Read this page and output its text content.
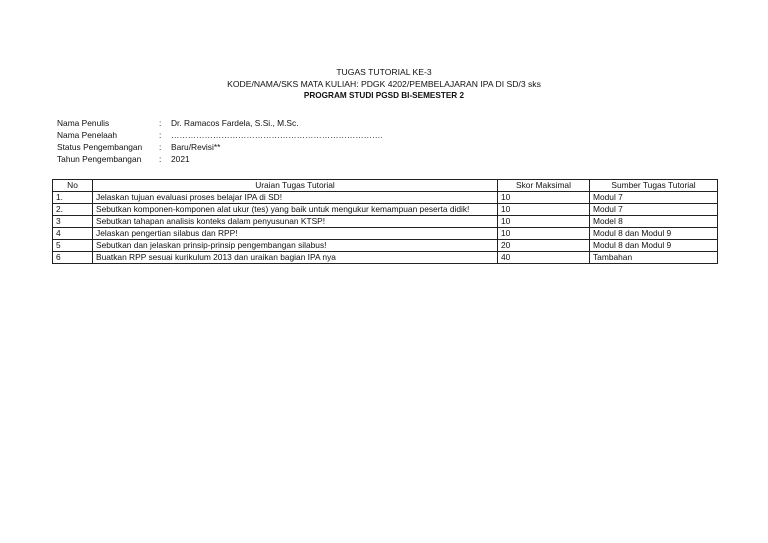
TUGAS TUTORIAL KE-3
KODE/NAMA/SKS MATA KULIAH: PDGK 4202/PEMBELAJARAN IPA DI SD/3 sks
PROGRAM STUDI PGSD BI-SEMESTER 2
Nama Penulis	:	Dr. Ramacos Fardela, S.Si., M.Sc.
Nama Penelaah	:	………………………………………………………………….
Status Pengembangan	:	Baru/Revisi**
Tahun Pengembangan	:	2021
No	Uraian Tugas Tutorial	Skor Maksimal	Sumber Tugas Tutorial
1.	Jelaskan tujuan evaluasi proses belajar IPA di SD!	10	Modul 7
2.	Sebutkan komponen-komponen alat ukur (tes) yang baik untuk mengukur kemampuan peserta didik!	10	Modul 7
3	Sebutkan tahapan analisis konteks dalam penyusunan KTSP!	10	Model 8
4	Jelaskan pengertian silabus dan RPP!	10	Modul 8 dan Modul 9
5	Sebutkan dan jelaskan prinsip-prinsip pengembangan silabus!	20	Modul 8 dan Modul 9
6	Buatkan RPP sesuai kurikulum 2013 dan uraikan bagian IPA nya	40	Tambahan
